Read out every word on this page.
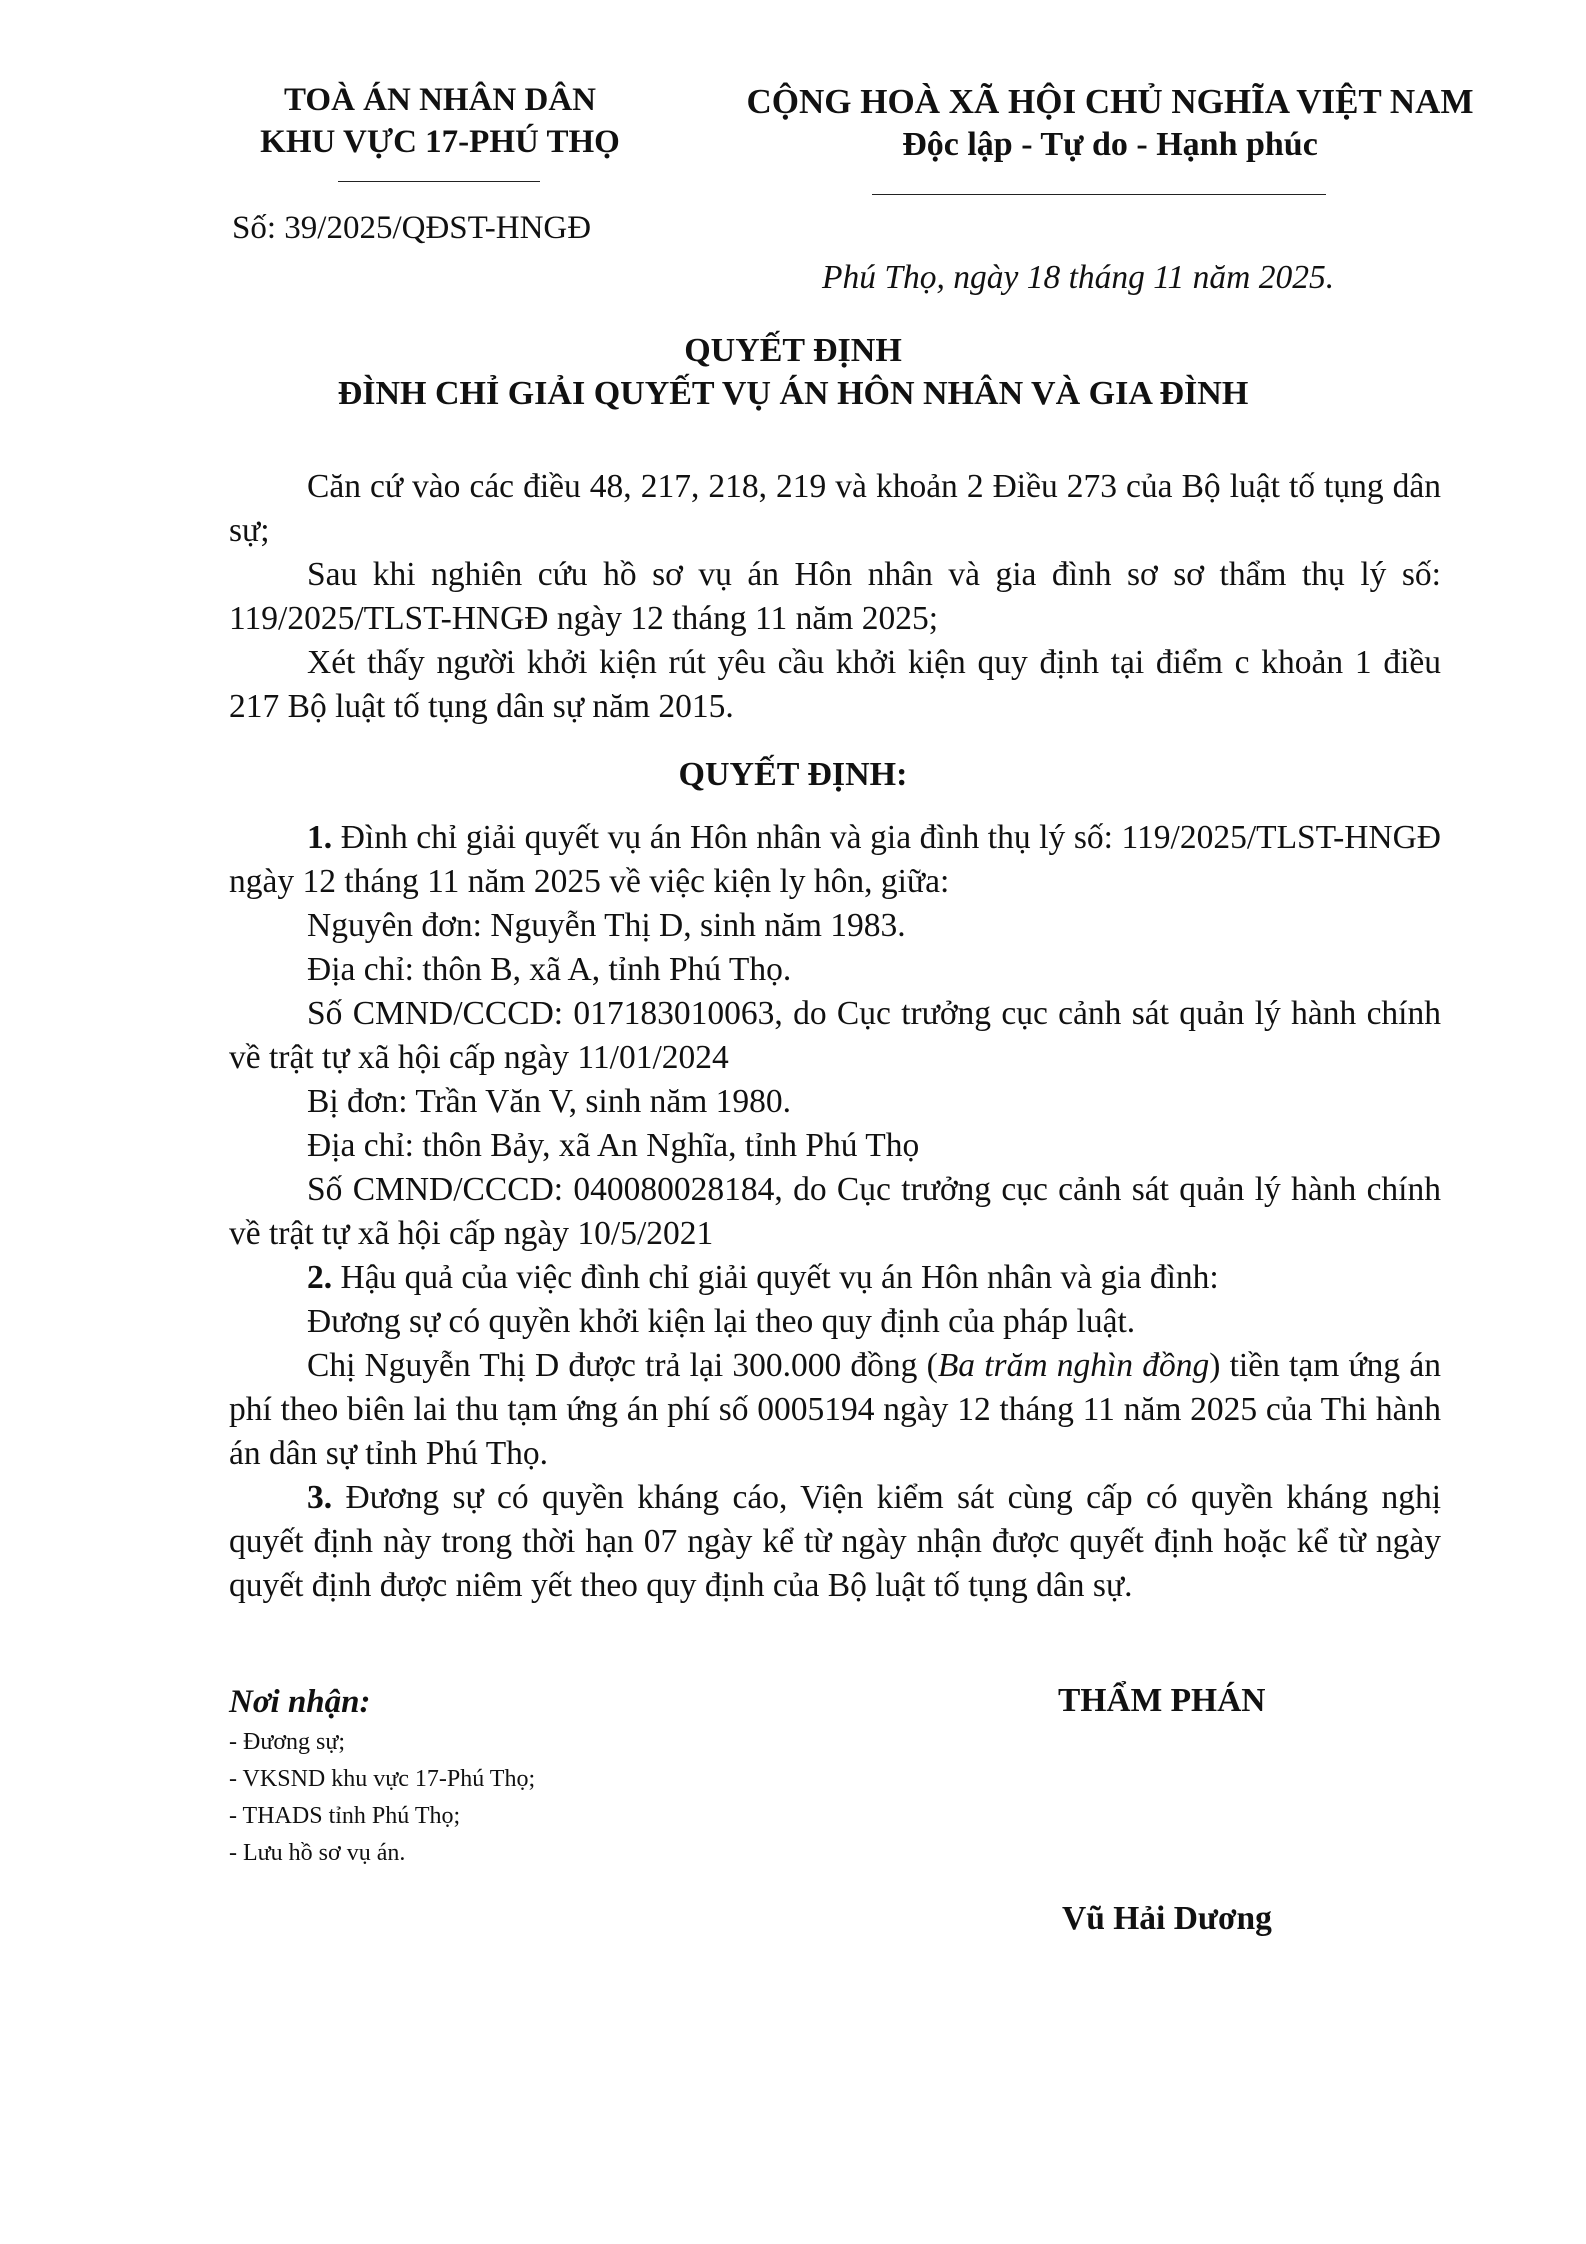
TOÀ ÁN NHÂN DÂN
KHU VỰC 17-PHÚ THỌ
Số: 39/2025/QĐST-HNGĐ
CỘNG HOÀ XÃ HỘI CHỦ NGHĨA VIỆT NAM
Độc lập - Tự do - Hạnh phúc
Phú Thọ, ngày 18 tháng 11 năm 2025.
QUYẾT ĐỊNH
ĐÌNH CHỈ GIẢI QUYẾT VỤ ÁN HÔN NHÂN VÀ GIA ĐÌNH
Căn cứ vào các điều 48, 217, 218, 219 và khoản 2 Điều 273 của Bộ luật tố tụng dân sự;
Sau khi nghiên cứu hồ sơ vụ án Hôn nhân và gia đình sơ sơ thẩm thụ lý số: 119/2025/TLST-HNGĐ ngày 12 tháng 11 năm 2025;
Xét thấy người khởi kiện rút yêu cầu khởi kiện quy định tại điểm c khoản 1 điều 217 Bộ luật tố tụng dân sự năm 2015.
QUYẾT ĐỊNH:
1. Đình chỉ giải quyết vụ án Hôn nhân và gia đình thụ lý số: 119/2025/TLST-HNGĐ ngày 12 tháng 11 năm 2025 về việc kiện ly hôn, giữa:
Nguyên đơn: Nguyễn Thị D, sinh năm 1983.
Địa chỉ: thôn B, xã A, tỉnh Phú Thọ.
Số CMND/CCCD: 017183010063, do Cục trưởng cục cảnh sát quản lý hành chính về trật tự xã hội cấp ngày 11/01/2024
Bị đơn: Trần Văn V, sinh năm 1980.
Địa chỉ: thôn Bảy, xã An Nghĩa, tỉnh Phú Thọ
Số CMND/CCCD: 040080028184, do Cục trưởng cục cảnh sát quản lý hành chính về trật tự xã hội cấp ngày 10/5/2021
2. Hậu quả của việc đình chỉ giải quyết vụ án Hôn nhân và gia đình:
Đương sự có quyền khởi kiện lại theo quy định của pháp luật.
Chị Nguyễn Thị D được trả lại 300.000 đồng (Ba trăm nghìn đồng) tiền tạm ứng án phí theo biên lai thu tạm ứng án phí số 0005194 ngày 12 tháng 11 năm 2025 của Thi hành án dân sự tỉnh Phú Thọ.
3. Đương sự có quyền kháng cáo, Viện kiểm sát cùng cấp có quyền kháng nghị quyết định này trong thời hạn 07 ngày kể từ ngày nhận được quyết định hoặc kể từ ngày quyết định được niêm yết theo quy định của Bộ luật tố tụng dân sự.
Nơi nhận:
- Đương sự;
- VKSND khu vực 17-Phú Thọ;
- THADS tỉnh Phú Thọ;
- Lưu hồ sơ vụ án.
THẨM PHÁN
Vũ Hải Dương
